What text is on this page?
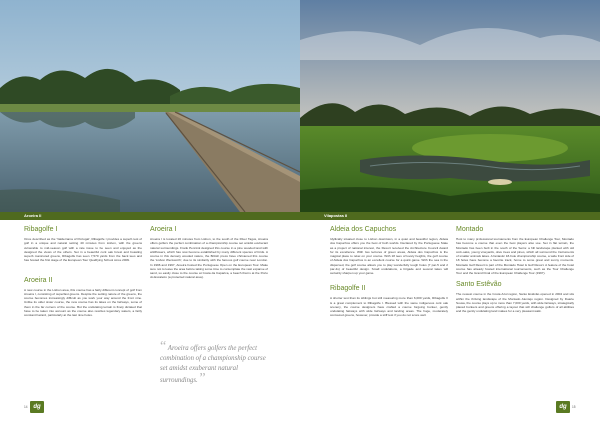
Aroeira II	Vilapostas II
Ribagolfe I

Once described as the 'Valderrama of Portugal', Ribagolfe I provides a superb test of golf in a unique and natural setting 40 minutes from Lisbon, with the greens vulnerable to mid-season golf with a rate issue to be seen and enjoyed as the designed the views of the others. Set in a beautiful cork oak forest and boasting superb manicured greens, Ribagolfe has seen 7,570 yards from the back tees and has hosted the first stage of the European Tour Qualifying School since 2009.

Aroeira II

A new course in the Lisbon area, this course has a fairly different concept of golf from Aroeira I, consisting of superfast greens. Despite the setting nature of the greens, the course becomes increasingly difficult as you work your way around the front nine. Unlike its older sister course, the new course has its lakes on the fairways, some of them in the far corners of the course. But the undulating terrain is finely dictated that have to be taken into account as the course also rewrites legendary waters, a fairly constant hazard, particularly at the last nine holes.

Aroeira I

Aroeira I is located 20 minutes from Lisbon, to the south of the River Tagus, Aroeira offers golfers the perfect combination of a championship course set amidst exuberant natural surroundings. Frank Pennink designed this course in a pine wooded land with wildflowers, which has now become established by many different species of birds. A course in this densely wooded nature, the British press have christened this course the 'Lisbon Wentworth', due to its similarity with the famous golf course near London. In 1996 and 1997, Aroeira hosted the Portuguese Open on the European Tour. Make sure not to leave the area before taking some time to contemplate the vast expanse of sand, so easily close to the course at Costa da Caparica, a beach that is at the Porto do Escaleiro (a protected natural area).

“ Aroeira offers golfers the perfect combination of a championship course set amidst exuberant natural surroundings. ”
Aldeia dos Capuchos

Idyllically situated close to Lisbon downtown, in a quiet and beautiful region, Aldeia dos Capuchos offers you the best of both worlds. Declared by the Portuguese State as a project of national interest, the Resort received the Architecture Council Award for its excellence. With two lectures of green areas, Aldeia dos Capuchos is the magical place to relax on your course. With 18 tees of lovely heights, the golf course of Aldeia dos Capuchos is an excellent course for a quick game. With the sea in the dispersed, the golf course allows you to play wonderfully tough holes (7 par-5 and 2 par-4s) of beautiful design. Small undulations, a brigade and several lakes will certainly sharpen up your game.

Ribagolfe II

A shorter test than its siblings but still measuring more than 6,000 yards, Ribagolfe II is a great complement to Ribagolfe I. Blessed with the same indigenous cork oak scenery, the course designers have crafted a course forgoing bunker, gently undulating fairways with wide fairways and landing areas. The huge, moderately contoured greens, however, provide a stiff test if you do not score well.

Montado

Host to many professional tournaments from the European Challenge Tour, Montado has become a course that even the best players also use. Set in flat terrain, the Montado has been built in the south of the Serra: a hill landscape planted with old cork-oaks, young vineyards, olive trees and pines, which all surround the Instruments of smaller animals lakes. A fantastic 18-hole championship course, a wide front side of 18 holes have become a favorite track, home to some great and sunny moments. Montado Golf Resort is part of the Montado Hotel & Golf Resort. A feature of the hotel course has already hosted international tournaments, such as the Tour Challenge Tour and the Grand Final of the European Challenge Tour (1997).

Santo Estêvão

The newest course in the Costa Azul region, Santo Estêvão opened in 2004 and sits within the thriving landscape of the Montado Alentejo region. Designed by Duarte Sousa, the course plays up to more than 7,000 yards, with wide fairways, strategically placed bunkers and greens offering a layout that will challenge golfers of all abilities and the gently undulating land makes for a very pleasant walk.

14 dg	dg	15
